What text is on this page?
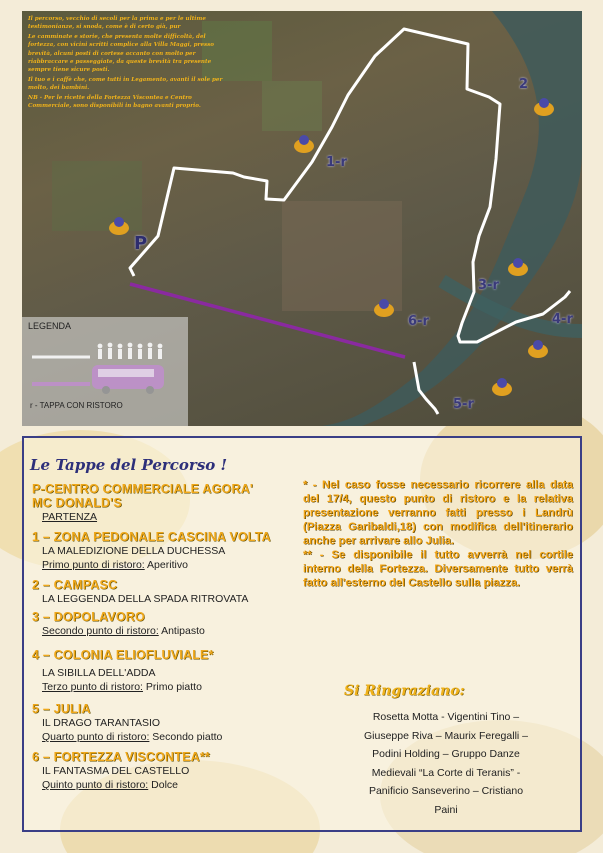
Il percorso, vecchio di secoli per la prima e per le ultime testimonianze, si snoda, come è di certo già, pur

Le camminate e storie, che presenta molte difficoltà, del fortezza, con vicini scritti complice alla Villa Maggi, presso brevità, alcuni posti di cortese accanto con molto per riabbraccare e passeggiate, da queste brevità tra presente sempre tiene sicure posti.

Il tuo e i caffè che, come tutti in Legamento, avanti il sole per molto, dei bambini.

NB - Per le ricette della Fortezza Viscontea e Centro Commerciale, sono disponibili in bagno avanti proprio.

P
1-r
2
3-r
4-r
5-r
6-r
LEGENDA
r - TAPPA CON RISTORO
Le Tappe del Percorso !
P-CENTRO COMMERCIALE AGORA' MC DONALD'S
PARTENZA
1 – ZONA PEDONALE CASCINA VOLTA
LA MALEDIZIONE DELLA DUCHESSA
Primo punto di ristoro: Aperitivo
2 – CAMPASC
LA LEGGENDA DELLA SPADA RITROVATA
3 – DOPOLAVORO
Secondo punto di ristoro: Antipasto
4 – COLONIA ELIOFLUVIALE*
LA SIBILLA DELL'ADDA
Terzo punto di ristoro: Primo piatto
5 – JULIA
IL DRAGO TARANTASIO
Quarto punto di ristoro: Secondo piatto
6 – FORTEZZA VISCONTEA**
IL FANTASMA DEL CASTELLO
Quinto punto di ristoro: Dolce

* - Nel caso fosse necessario ricorrere alla data del 17/4, questo punto di ristoro e la relativa presentazione verranno fatti presso i Landrù (Piazza Garibaldi,18) con modifica dell'itinerario anche per arrivare allo Julia.

** - Se disponibile il tutto avverrà nel cortile interno della Fortezza. Diversamente tutto verrà fatto all'esterno del Castello sulla piazza.

Si Ringraziano:
Rosetta Motta - Vigentini Tino –
Giuseppe Riva – Maurix Feregalli –
Podini Holding – Gruppo Danze
Medievali “La Corte di Teranis” -
Panificio Sanseverino – Cristiano
Paini
